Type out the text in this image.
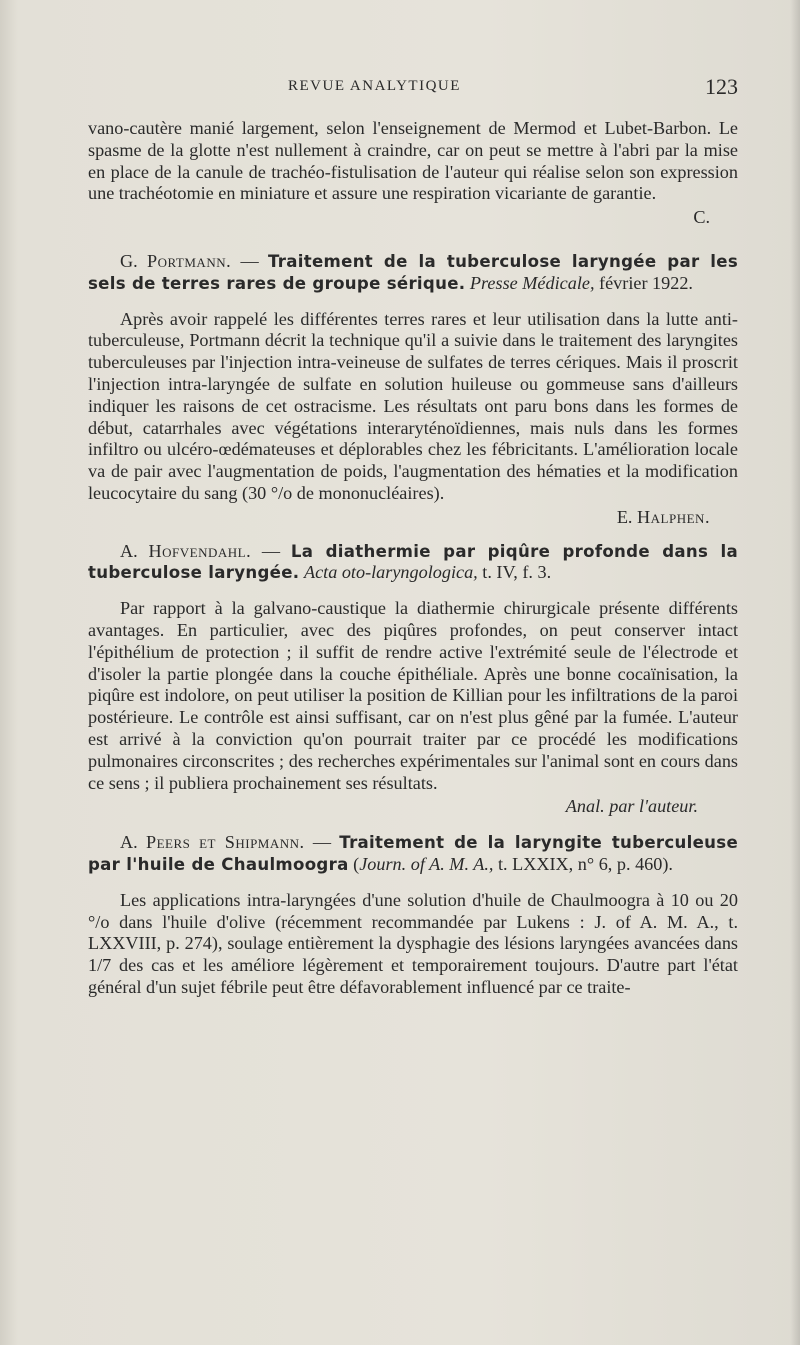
REVUE ANALYTIQUE	123

vano-cautère manié largement, selon l'enseignement de Mermod et Lubet-Barbon. Le spasme de la glotte n'est nullement à craindre, car on peut se mettre à l'abri par la mise en place de la canule de trachéo-fistulisation de l'auteur qui réalise selon son expression une trachéotomie en miniature et assure une respiration vicariante de garantie.

C.

G. Portmann. — Traitement de la tuberculose laryngée par les sels de terres rares de groupe sérique. Presse Médicale, février 1922.

Après avoir rappelé les différentes terres rares et leur utilisation dans la lutte anti-tuberculeuse, Portmann décrit la technique qu'il a suivie dans le traitement des laryngites tuberculeuses par l'injection intra-veineuse de sulfates de terres cériques. Mais il proscrit l'injection intra-laryngée de sulfate en solution huileuse ou gommeuse sans d'ailleurs indiquer les raisons de cet ostracisme. Les résultats ont paru bons dans les formes de début, catarrhales avec végétations interaryténoïdiennes, mais nuls dans les formes infiltro ou ulcéro-œdémateuses et déplorables chez les fébricitants. L'amélioration locale va de pair avec l'augmentation de poids, l'augmentation des hématies et la modification leucocytaire du sang (30 °/o de mononucléaires).

E. Halphen.

A. Hofvendahl. — La diathermie par piqûre profonde dans la tuberculose laryngée. Acta oto-laryngologica, t. IV, f. 3.

Par rapport à la galvano-caustique la diathermie chirurgicale présente différents avantages. En particulier, avec des piqûres profondes, on peut conserver intact l'épithélium de protection ; il suffit de rendre active l'extrémité seule de l'électrode et d'isoler la partie plongée dans la couche épithéliale. Après une bonne cocaïnisation, la piqûre est indolore, on peut utiliser la position de Killian pour les infiltrations de la paroi postérieure. Le contrôle est ainsi suffisant, car on n'est plus gêné par la fumée. L'auteur est arrivé à la conviction qu'on pourrait traiter par ce procédé les modifications pulmonaires circonscrites ; des recherches expérimentales sur l'animal sont en cours dans ce sens ; il publiera prochainement ses résultats.

Anal. par l'auteur.

A. Peers et Shipmann. — Traitement de la laryngite tuberculeuse par l'huile de Chaulmoogra (Journ. of A. M. A., t. LXXIX, n° 6, p. 460).

Les applications intra-laryngées d'une solution d'huile de Chaulmoogra à 10 ou 20 °/o dans l'huile d'olive (récemment recommandée par Lukens : J. of A. M. A., t. LXXVIII, p. 274), soulage entièrement la dysphagie des lésions laryngées avancées dans 1/7 des cas et les améliore légèrement et temporairement toujours. D'autre part l'état général d'un sujet fébrile peut être défavorablement influencé par ce traite-
